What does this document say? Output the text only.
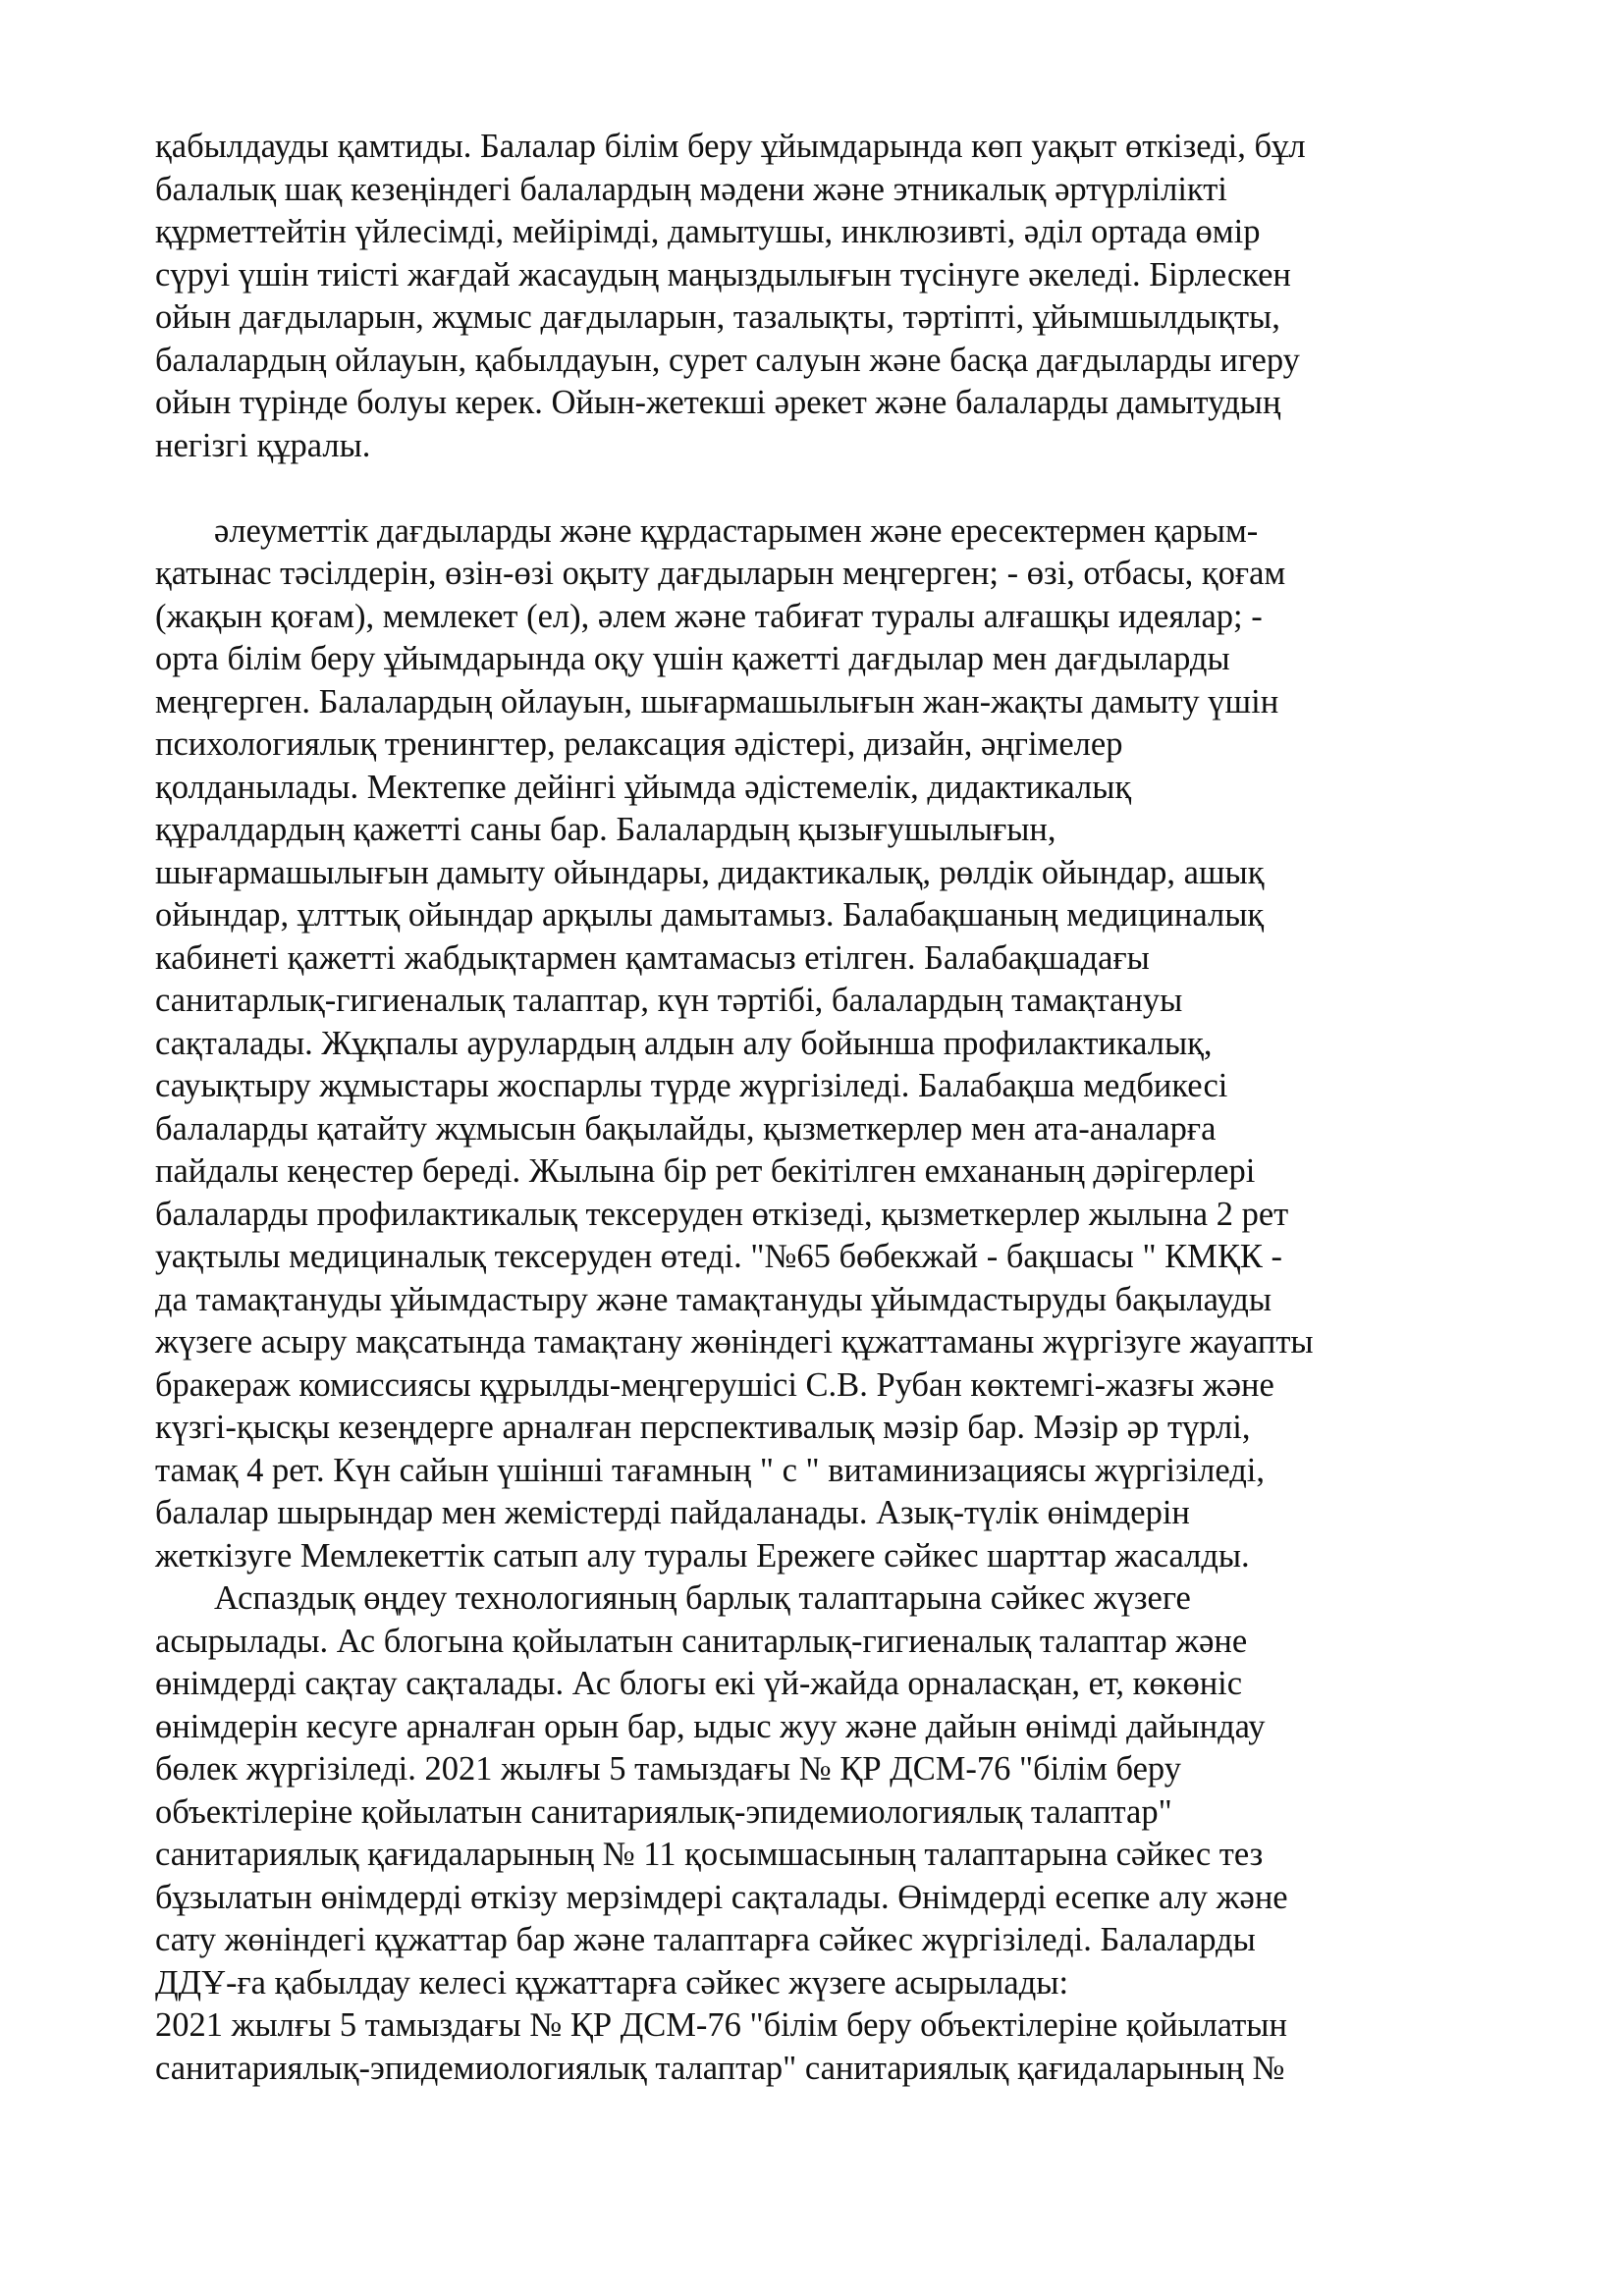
қабылдауды қамтиды. Балалар білім беру ұйымдарында көп уақыт өткізеді, бұл
балалық шақ кезеңіндегі балалардың мәдени және этникалық әртүрлілікті
құрметтейтін үйлесімді, мейірімді, дамытушы, инклюзивті, әділ ортада өмір
сүруі үшін тиісті жағдай жасаудың маңыздылығын түсінуге әкеледі. Бірлескен
ойын дағдыларын, жұмыс дағдыларын, тазалықты, тәртіпті, ұйымшылдықты,
балалардың ойлауын, қабылдауын, сурет салуын және басқа дағдыларды игеру
ойын түрінде болуы керек. Ойын-жетекші әрекет және балаларды дамытудың
негізгі құралы.
әлеуметтік дағдыларды және құрдастарымен және ересектермен қарым-
қатынас тәсілдерін, өзін-өзі оқыту дағдыларын меңгерген; - өзі, отбасы, қоғам
(жақын қоғам), мемлекет (ел), әлем және табиғат туралы алғашқы идеялар; -
орта білім беру ұйымдарында оқу үшін қажетті дағдылар мен дағдыларды
меңгерген. Балалардың ойлауын, шығармашылығын жан-жақты дамыту үшін
психологиялық тренингтер, релаксация әдістері, дизайн, әңгімелер
қолданылады. Мектепке дейінгі ұйымда әдістемелік, дидактикалық
құралдардың қажетті саны бар. Балалардың қызығушылығын,
шығармашылығын дамыту ойындары, дидактикалық, рөлдік ойындар, ашық
ойындар, ұлттық ойындар арқылы дамытамыз. Балабақшаның медициналық
кабинеті қажетті жабдықтармен қамтамасыз етілген. Балабақшадағы
санитарлық-гигиеналық талаптар, күн тәртібі, балалардың тамақтануы
сақталады. Жұқпалы аурулардың алдын алу бойынша профилактикалық,
сауықтыру жұмыстары жоспарлы түрде жүргізіледі. Балабақша медбикесі
балаларды қатайту жұмысын бақылайды, қызметкерлер мен ата-аналарға
пайдалы кеңестер береді. Жылына бір рет бекітілген емхананың дәрігерлері
балаларды профилактикалық тексеруден өткізеді, қызметкерлер жылына 2 рет
уақтылы медициналық тексеруден өтеді. "№65 бөбекжай - бақшасы " КМҚК -
да тамақтануды ұйымдастыру және тамақтануды ұйымдастыруды бақылауды
жүзеге асыру мақсатында тамақтану жөніндегі құжаттаманы жүргізуге жауапты
бракераж комиссиясы құрылды-меңгерушісі С.В. Рубан көктемгі-жазғы және
күзгі-қысқы кезеңдерге арналған перспективалық мәзір бар. Мәзір әр түрлі,
тамақ 4 рет. Күн сайын үшінші тағамның " с " витаминизациясы жүргізіледі,
балалар шырындар мен жемістерді пайдаланады. Азық-түлік өнімдерін
жеткізуге Мемлекеттік сатып алу туралы Ережеге сәйкес шарттар жасалды.
Аспаздық өңдеу технологияның барлық талаптарына сәйкес жүзеге
асырылады. Ас блогына қойылатын санитарлық-гигиеналық талаптар және
өнімдерді сақтау сақталады. Ас блогы екі үй-жайда орналасқан, ет, көкөніс
өнімдерін кесуге арналған орын бар, ыдыс жуу және дайын өнімді дайындау
бөлек жүргізіледі. 2021 жылғы 5 тамыздағы № ҚР ДСМ-76 "білім беру
объектілеріне қойылатын санитариялық-эпидемиологиялық талаптар"
санитариялық қағидаларының № 11 қосымшасының талаптарына сәйкес тез
бұзылатын өнімдерді өткізу мерзімдері сақталады. Өнімдерді есепке алу және
сату жөніндегі құжаттар бар және талаптарға сәйкес жүргізіледі. Балаларды
ДДҰ-ға қабылдау келесі құжаттарға сәйкес жүзеге асырылады:
2021 жылғы 5 тамыздағы № ҚР ДСМ-76 "білім беру объектілеріне қойылатын
санитариялық-эпидемиологиялық талаптар" санитариялық қағидаларының №
